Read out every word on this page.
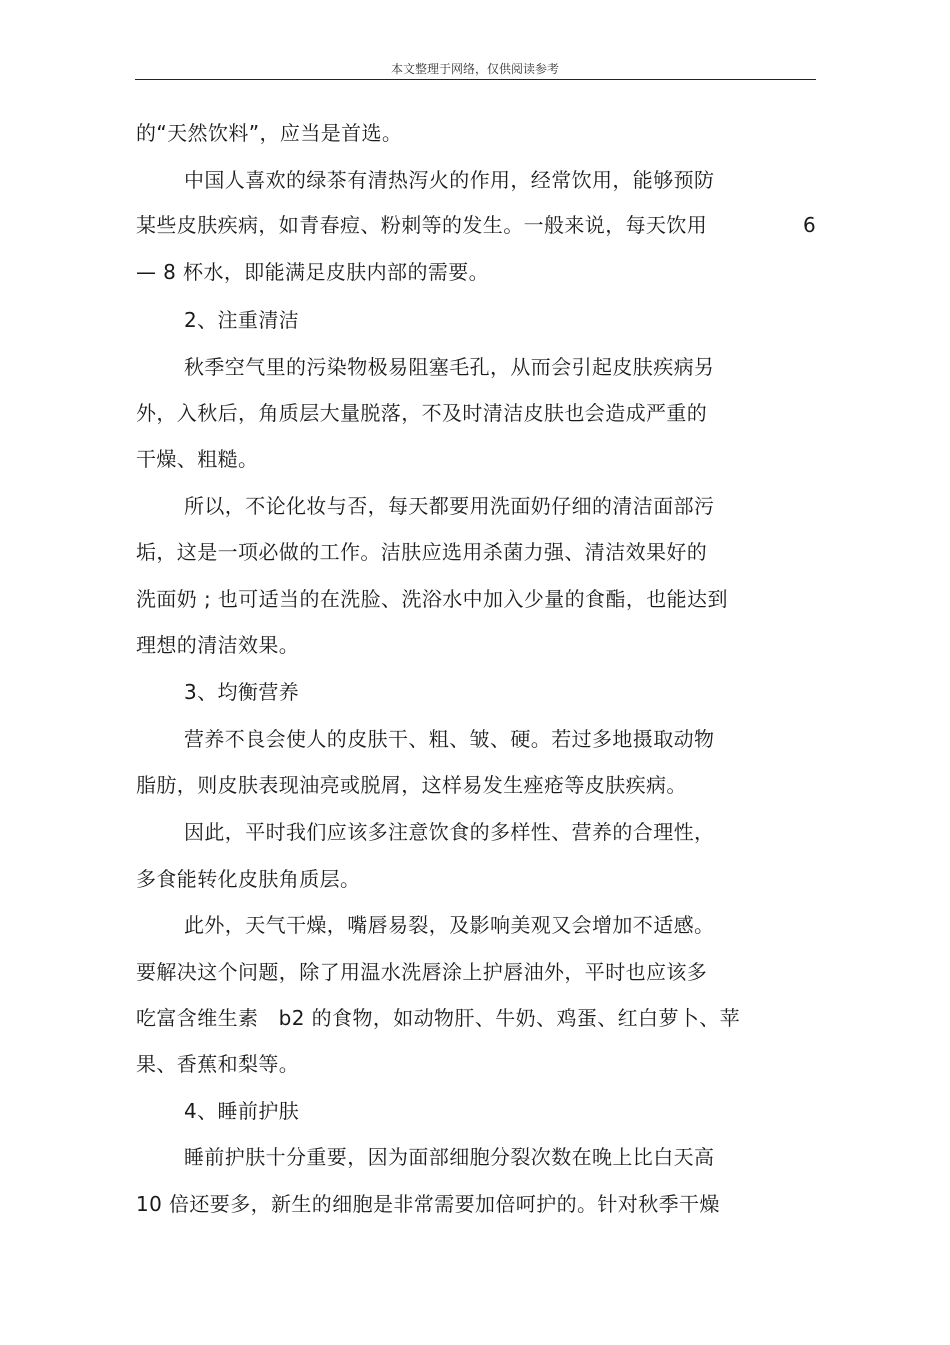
本文整理于网络，仅供阅读参考
的“天然饮料”，应当是首选。
中国人喜欢的绿茶有清热泻火的作用，经常饮用，能够预防
某些皮肤疾病，如青春痘、粉刺等的发生。一般来说，每天饮用	6
— 8 杯水，即能满足皮肤内部的需要。
2、注重清洁
秋季空气里的污染物极易阻塞毛孔，从而会引起皮肤疾病另
外，入秋后，角质层大量脱落，不及时清洁皮肤也会造成严重的
干燥、粗糙。
所以，不论化妆与否，每天都要用洗面奶仔细的清洁面部污
垢，这是一项必做的工作。洁肤应选用杀菌力强、清洁效果好的
洗面奶 ; 也可适当的在洗脸、洗浴水中加入少量的食酯，也能达到
理想的清洁效果。
3、均衡营养
营养不良会使人的皮肤干、粗、皱、硬。若过多地摄取动物
脂肪，则皮肤表现油亮或脱屑，这样易发生痤疮等皮肤疾病。
因此，平时我们应该多注意饮食的多样性、营养的合理性，
多食能转化皮肤角质层。
此外，天气干燥，嘴唇易裂，及影响美观又会增加不适感。
要解决这个问题，除了用温水洗唇涂上护唇油外，平时也应该多
吃富含维生素   b2 的食物，如动物肝、牛奶、鸡蛋、红白萝卜、苹
果、香蕉和梨等。
4、睡前护肤
睡前护肤十分重要，因为面部细胞分裂次数在晚上比白天高
10 倍还要多，新生的细胞是非常需要加倍呵护的。针对秋季干燥
